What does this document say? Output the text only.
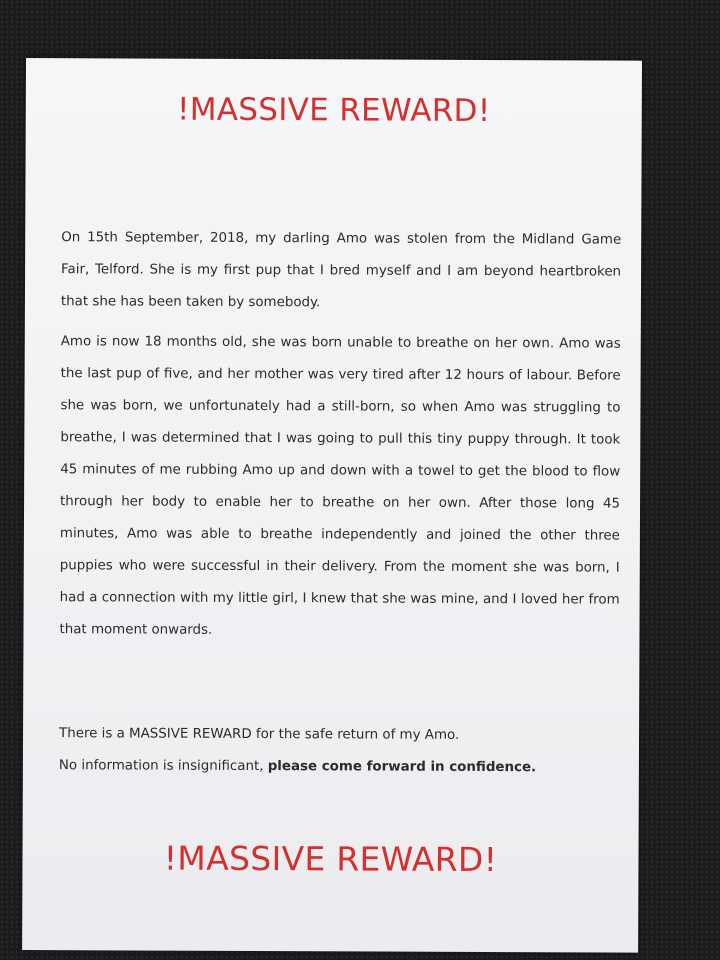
!MASSIVE REWARD!

On 15th September, 2018, my darling Amo was stolen from the Midland Game Fair, Telford. She is my first pup that I bred myself and I am beyond heartbroken that she has been taken by somebody.

Amo is now 18 months old, she was born unable to breathe on her own. Amo was the last pup of five, and her mother was very tired after 12 hours of labour. Before she was born, we unfortunately had a still-born, so when Amo was struggling to breathe, I was determined that I was going to pull this tiny puppy through. It took 45 minutes of me rubbing Amo up and down with a towel to get the blood to flow through her body to enable her to breathe on her own. After those long 45 minutes, Amo was able to breathe independently and joined the other three puppies who were successful in their delivery. From the moment she was born, I had a connection with my little girl, I knew that she was mine, and I loved her from that moment onwards.

There is a MASSIVE REWARD for the safe return of my Amo.
No information is insignificant, please come forward in confidence.

!MASSIVE REWARD!
